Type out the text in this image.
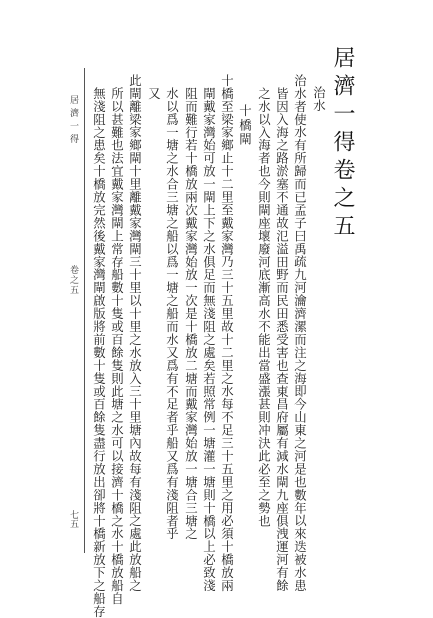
居濟一得卷之五
治水
治水者使水有所歸而已孟子曰禹疏九河瀹濟漯而注之海即今山東之河是也數年以來迭被水患
皆因入海之路淤塞不通故氾溢田野而民田悉受害也查東昌府屬有減水閘九座俱洩運河有餘
之水以入海者也今則閘座壞廢河底漸高水不能出當盛漲甚則冲決此必至之勢也
十橋閘
十橋至梁家鄉止十二里至戴家灣乃三十五里故十二里之水每不足三十五里之用必須十橋放兩
閘戴家灣始可放一閘上下之水俱足而無淺阻之處矣若照常例一塘灌一塘則十橋以上必致淺
阻而難行若十橋放兩次戴家灣始放一次是十橋放二塘而戴家灣始放一塘合三塘之
水以爲一塘之水合三塘之船以爲一塘之船而水又爲有不足者乎船又爲有淺阻者乎
又
此閘離梁家鄉閘十里離戴家灣閘三十里以十里之水放入三十里塘內故每有淺阻之處此放船之
所以甚難也法宜戴家灣閘上常存船數十隻或百餘隻則此塘之水可以接濟十橋之水十橋放船自
無淺阻之患矣十橋放完然後戴家灣閘啟版將前數十隻或百餘隻盡行放出卻將十橋新放下之船存
居濟一得
卷之五
七五
